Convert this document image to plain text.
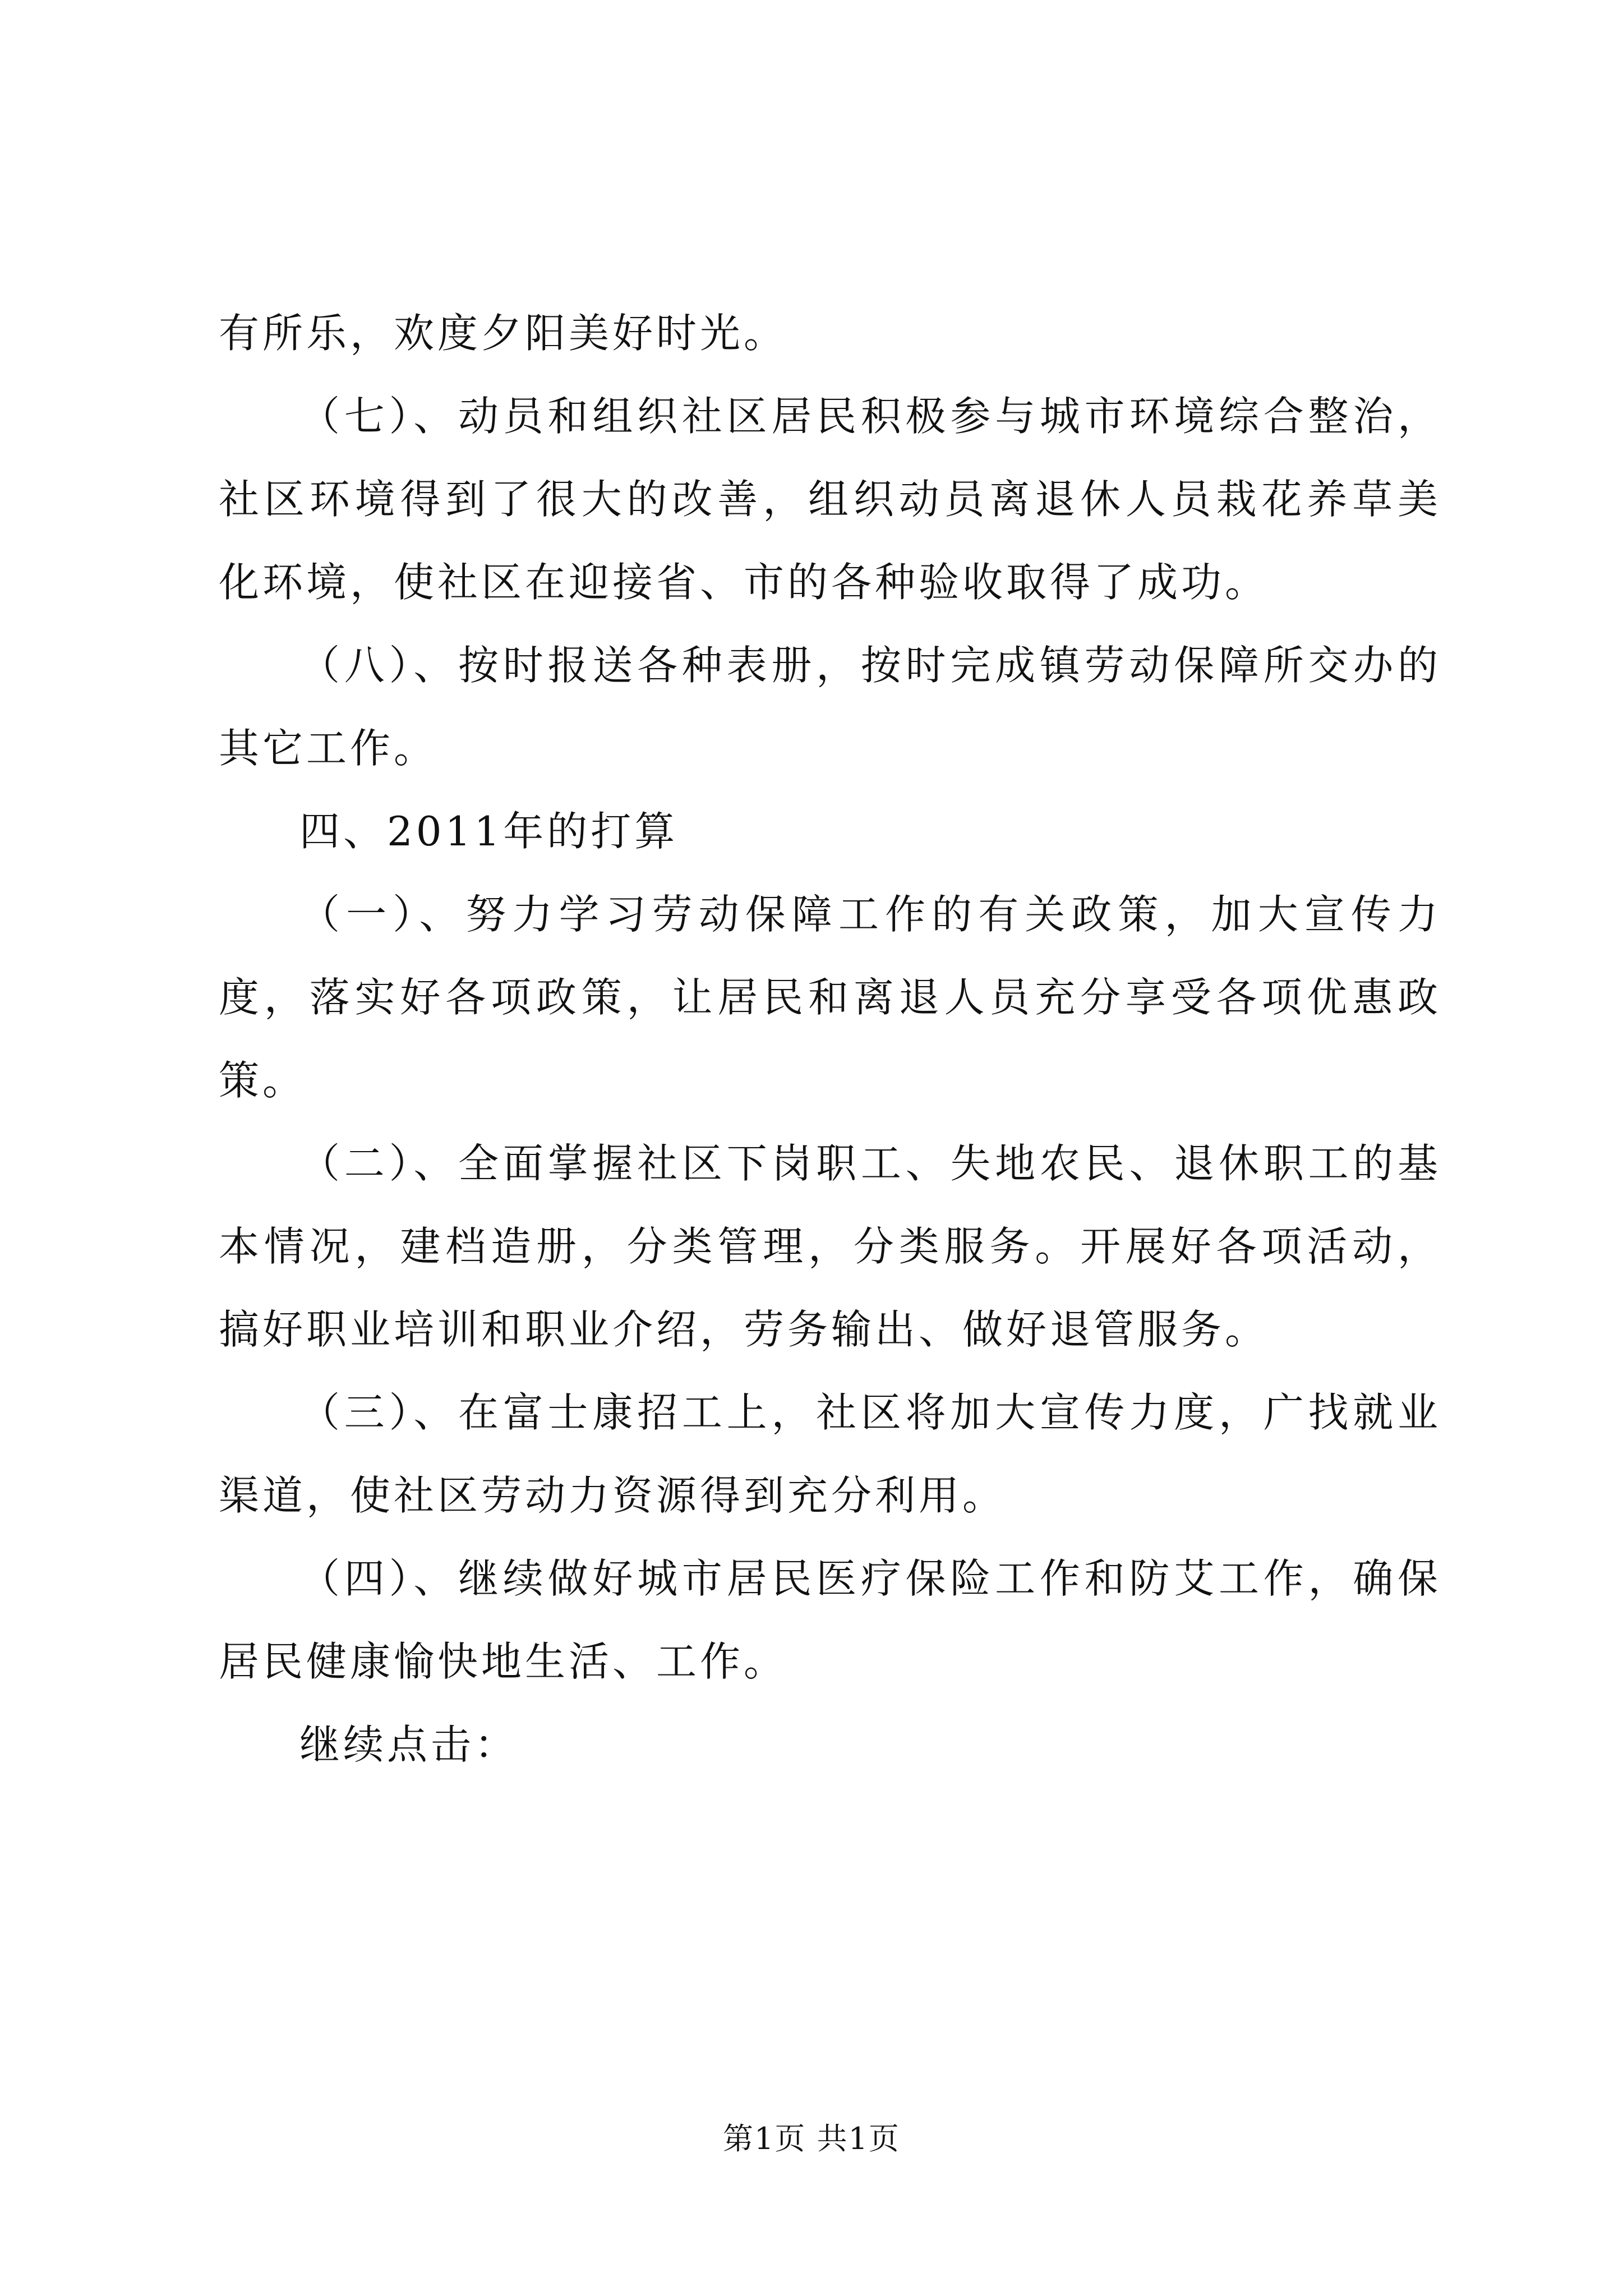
有所乐，欢度夕阳美好时光。

（七）、动员和组织社区居民积极参与城市环境综合整治，社区环境得到了很大的改善，组织动员离退休人员栽花养草美化环境，使社区在迎接省、市的各种验收取得了成功。

（八）、按时报送各种表册，按时完成镇劳动保障所交办的其它工作。

四、2011年的打算

（一）、努力学习劳动保障工作的有关政策，加大宣传力度，落实好各项政策，让居民和离退人员充分享受各项优惠政策。

（二）、全面掌握社区下岗职工、失地农民、退休职工的基本情况，建档造册，分类管理，分类服务。开展好各项活动，搞好职业培训和职业介绍，劳务输出、做好退管服务。

（三）、在富士康招工上，社区将加大宣传力度，广找就业渠道，使社区劳动力资源得到充分利用。

（四）、继续做好城市居民医疗保险工作和防艾工作，确保居民健康愉快地生活、工作。

继续点击：

第1页 共1页
